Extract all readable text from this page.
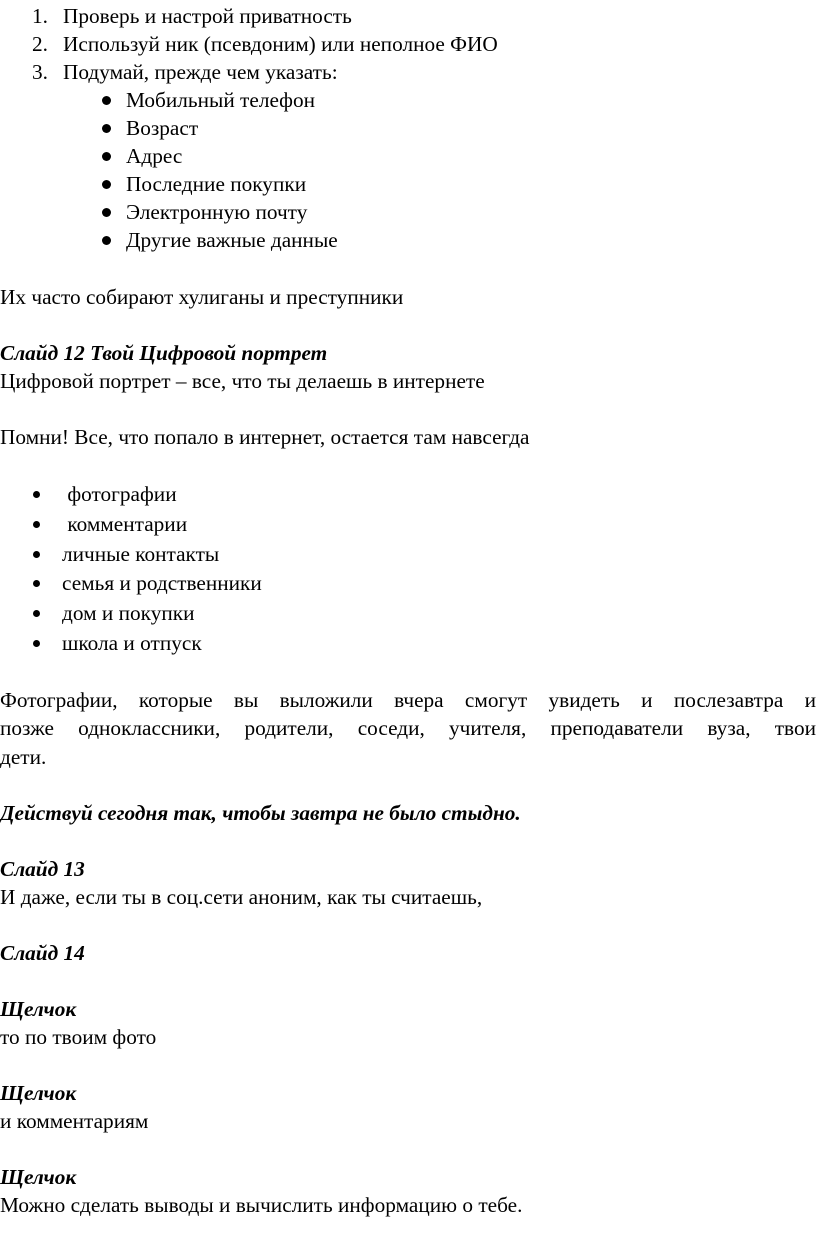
1. Проверь и настрой приватность
2. Используй ник (псевдоним) или неполное ФИО
3. Подумай, прежде чем указать:
Мобильный телефон
Возраст
Адрес
Последние покупки
Электронную почту
Другие важные данные
Их часто собирают хулиганы и преступники
Слайд 12 Твой Цифровой портрет
Цифровой портрет – все, что ты делаешь в интернете
Помни! Все, что попало в интернет, остается там навсегда
фотографии
комментарии
личные контакты
семья и родственники
дом и покупки
школа и отпуск
Фотографии, которые вы выложили вчера смогут увидеть и послезавтра и
позже одноклассники, родители, соседи, учителя, преподаватели вуза, твои
дети.
Действуй сегодня так, чтобы завтра не было стыдно.
Слайд 13
И даже, если ты в соц.сети аноним, как ты считаешь,
Слайд 14
Щелчок
то по твоим фото
Щелчок
и комментариям
Щелчок
Можно сделать выводы и вычислить информацию о тебе.
